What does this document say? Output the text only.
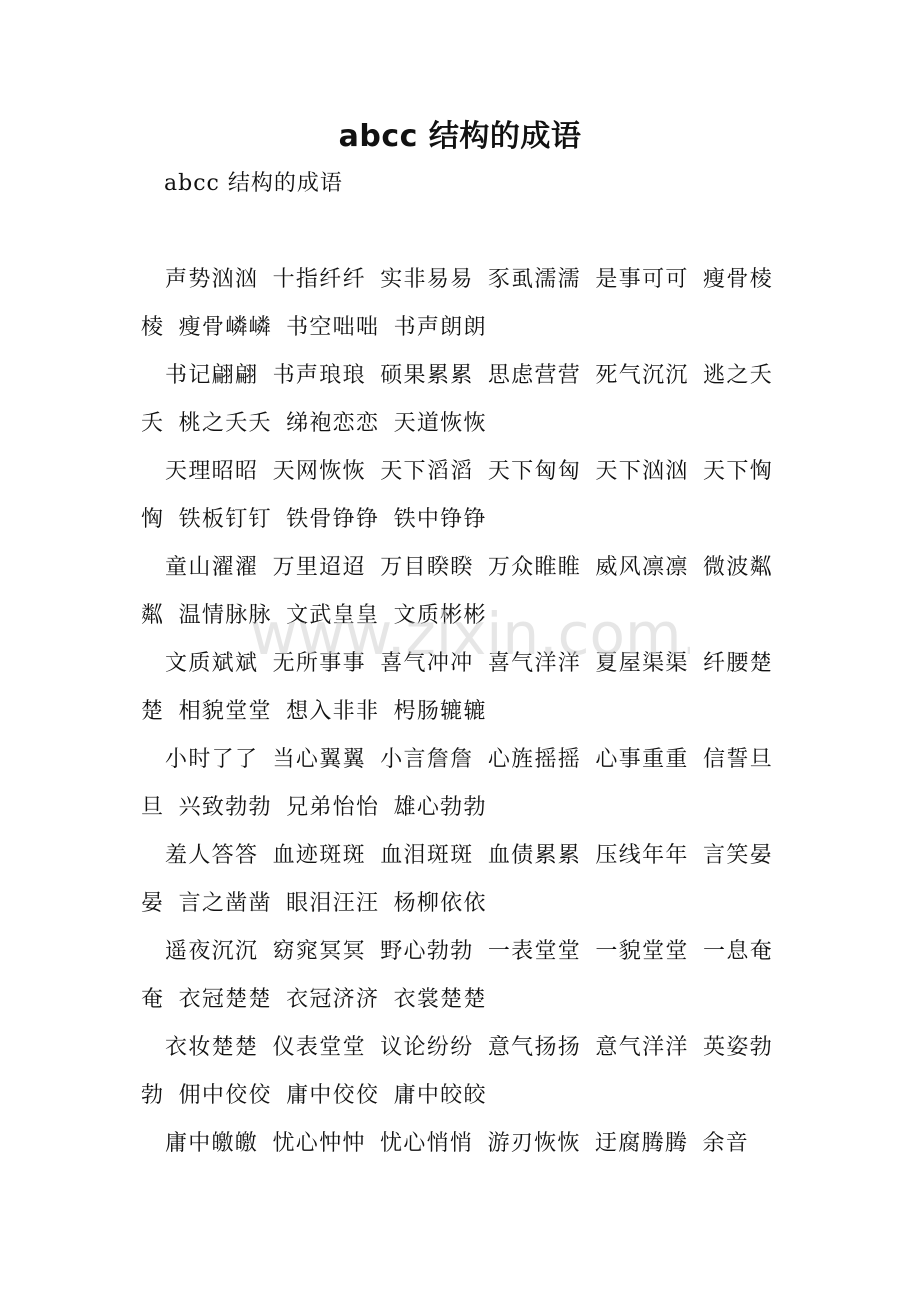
abcc 结构的成语
abcc 结构的成语

声势汹汹 十指纤纤 实非易易 豕虱濡濡 是事可可 瘦骨棱棱 瘦骨嶙嶙 书空咄咄 书声朗朗

书记翩翩 书声琅琅 硕果累累 思虑营营 死气沉沉 逃之夭夭 桃之夭夭 绨袍恋恋 天道恢恢

天理昭昭 天网恢恢 天下滔滔 天下匈匈 天下汹汹 天下恟恟 铁板钉钉 铁骨铮铮 铁中铮铮

童山濯濯 万里迢迢 万目睽睽 万众睢睢 威风凛凛 微波粼粼 温情脉脉 文武皇皇 文质彬彬

文质斌斌 无所事事 喜气冲冲 喜气洋洋 夏屋渠渠 纤腰楚楚 相貌堂堂 想入非非 枵肠辘辘

小时了了 当心翼翼 小言詹詹 心旌摇摇 心事重重 信誓旦旦 兴致勃勃 兄弟怡怡 雄心勃勃

羞人答答 血迹斑斑 血泪斑斑 血债累累 压线年年 言笑晏晏 言之凿凿 眼泪汪汪 杨柳依依

遥夜沉沉 窈窕冥冥 野心勃勃 一表堂堂 一貌堂堂 一息奄奄 衣冠楚楚 衣冠济济 衣裳楚楚

衣妆楚楚 仪表堂堂 议论纷纷 意气扬扬 意气洋洋 英姿勃勃 佣中佼佼 庸中佼佼 庸中皎皎

庸中皦皦 忧心忡忡 忧心悄悄 游刃恢恢 迂腐腾腾 余音

www.zixin.com
